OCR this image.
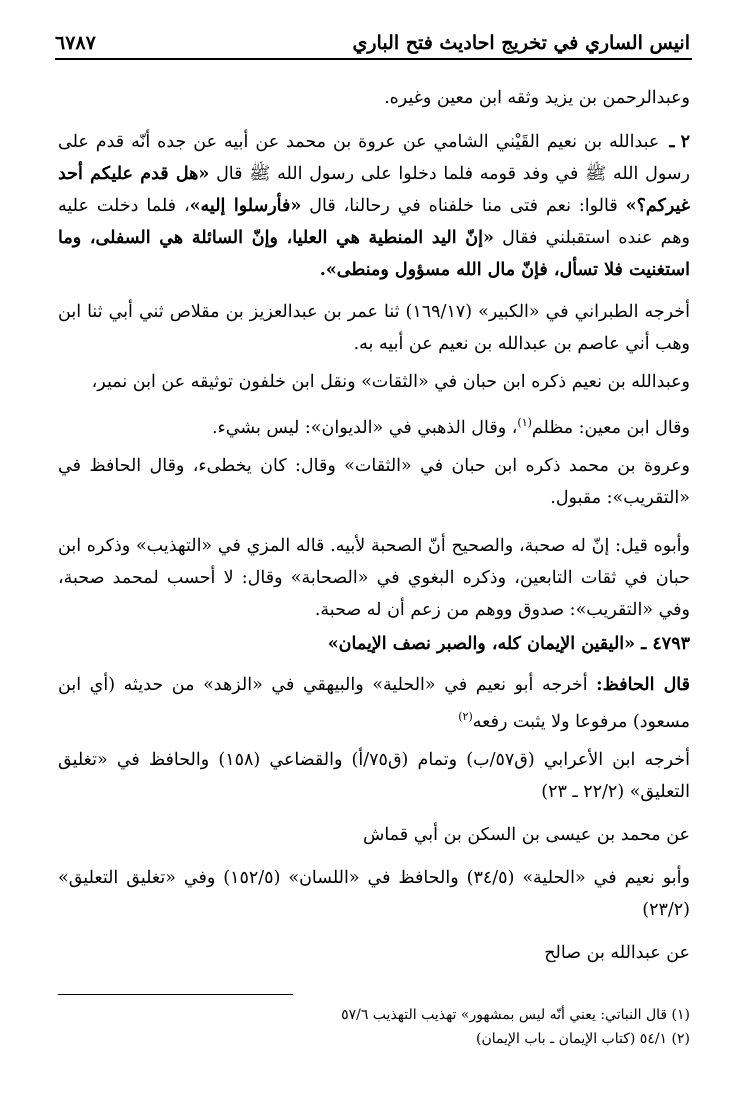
انيس الساري في تخريج احاديث فتح الباري
٦٧٨٧

وعبدالرحمن بن يزيد وثقه ابن معين وغيره.

٢ ـعبدالله بن نعيم القَيْني الشامي عن عروة بن محمد عن أبيه عن جده أنّه قدم على رسول الله ﷺ في وفد قومه فلما دخلوا على رسول الله ﷺ قال «هل قدم عليكم أحد غيركم؟» قالوا: نعم فتى منا خلفناه في رحالنا، قال «فأرسلوا إليه»، فلما دخلت عليه وهم عنده استقبلني فقال «إنّ اليد المنطية هي العليا، وإنّ السائلة هي السفلى، وما استغنيت فلا تسأل، فإنّ مال الله مسؤول ومنطى».

أخرجه الطبراني في «الكبير» (١٦٩/١٧) ثنا عمر بن عبدالعزيز بن مقلاص ثني أبي ثنا ابن وهب أني عاصم بن عبدالله بن نعيم عن أبيه به.

وعبدالله بن نعيم ذكره ابن حبان في «الثقات» ونقل ابن خلفون توثيقه عن ابن نمير،

وقال ابن معين: مظلم$^{(١)}$، وقال الذهبي في «الديوان»: ليس بشيء.

وعروة بن محمد ذكره ابن حبان في «الثقات» وقال: كان يخطىء، وقال الحافظ في «التقريب»: مقبول.

وأبوه قيل: إنّ له صحبة، والصحيح أنّ الصحبة لأبيه. قاله المزي في «التهذيب» وذكره ابن حبان في ثقات التابعين، وذكره البغوي في «الصحابة» وقال: لا أحسب لمحمد صحبة، وفي «التقريب»: صدوق ووهم من زعم أن له صحبة.

٤٧٩٣ ـ «اليقين الإيمان كله، والصبر نصف الإيمان»

قال الحافظ: أخرجه أبو نعيم في «الحلية» والبيهقي في «الزهد» من حديثه (أي ابن مسعود) مرفوعا ولا يثبت رفعه$^{(٢)}$

أخرجه ابن الأعرابي (ق٥٧/ب) وتمام (ق٧٥/أ) والقضاعي (١٥٨) والحافظ في «تغليق التعليق» (٢٢/٢ ـ ٢٣)

عن محمد بن عيسى بن السكن بن أبي قماش

وأبو نعيم في «الحلية» (٣٤/٥) والحافظ في «اللسان» (١٥٢/٥) وفي «تغليق التعليق» (٢٣/٢)

عن عبدالله بن صالح

(١) قال النباتي: يعني أنّه ليس بمشهور» تهذيب التهذيب ٥٧/٦
(٢) ٥٤/١ (كتاب الإيمان ـ باب الإيمان)
